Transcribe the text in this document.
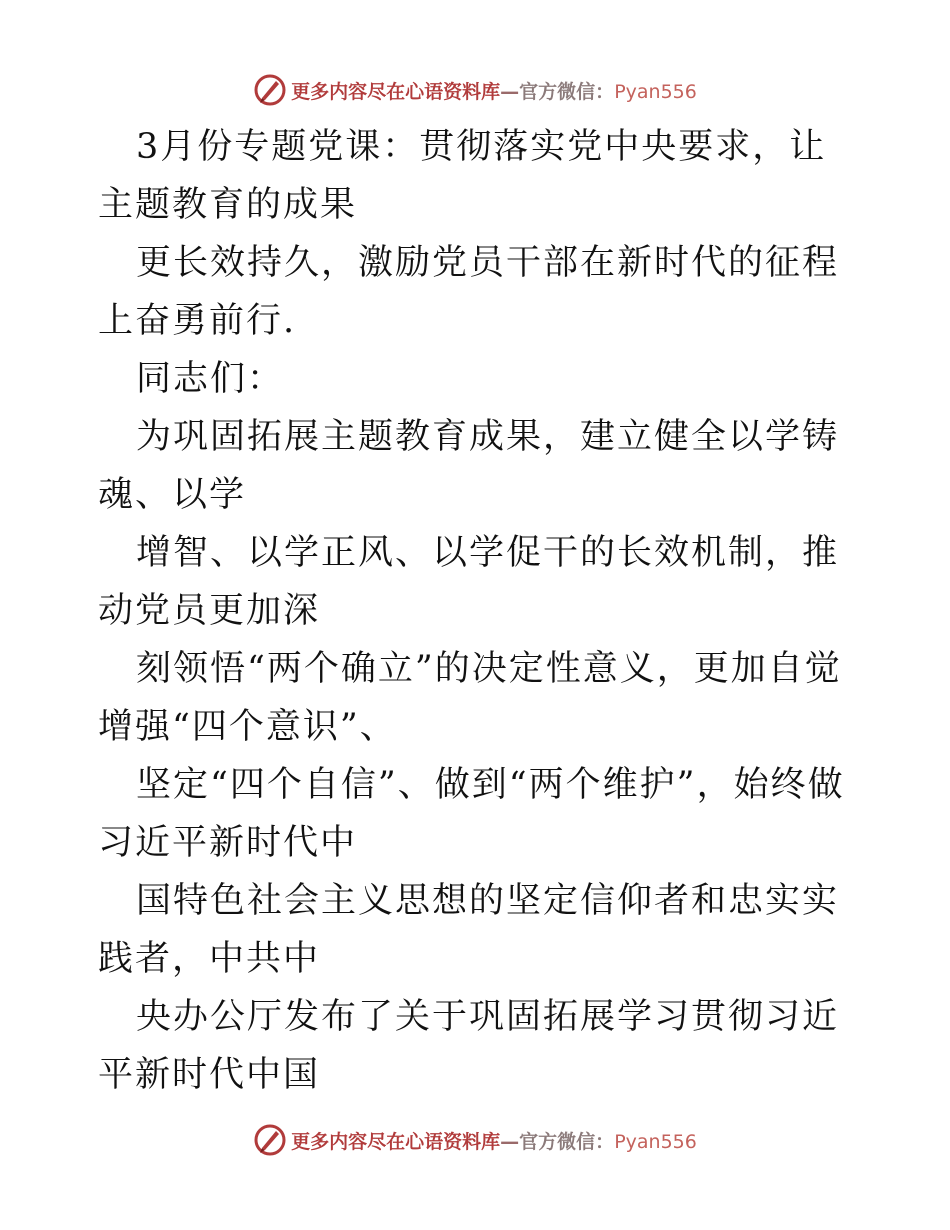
更多内容尽在心语资料库—官方微信：Pyan556

3月份专题党课：贯彻落实党中央要求，让主题教育的成果

更长效持久，激励党员干部在新时代的征程上奋勇前行.

同志们：

为巩固拓展主题教育成果，建立健全以学铸魂、以学

增智、以学正风、以学促干的长效机制，推动党员更加深

刻领悟“两个确立”的决定性意义，更加自觉增强“四个意识”、

坚定“四个自信”、做到“两个维护”，始终做习近平新时代中

国特色社会主义思想的坚定信仰者和忠实实践者，中共中

央办公厅发布了关于巩固拓展学习贯彻习近平新时代中国

更多内容尽在心语资料库—官方微信：Pyan556
